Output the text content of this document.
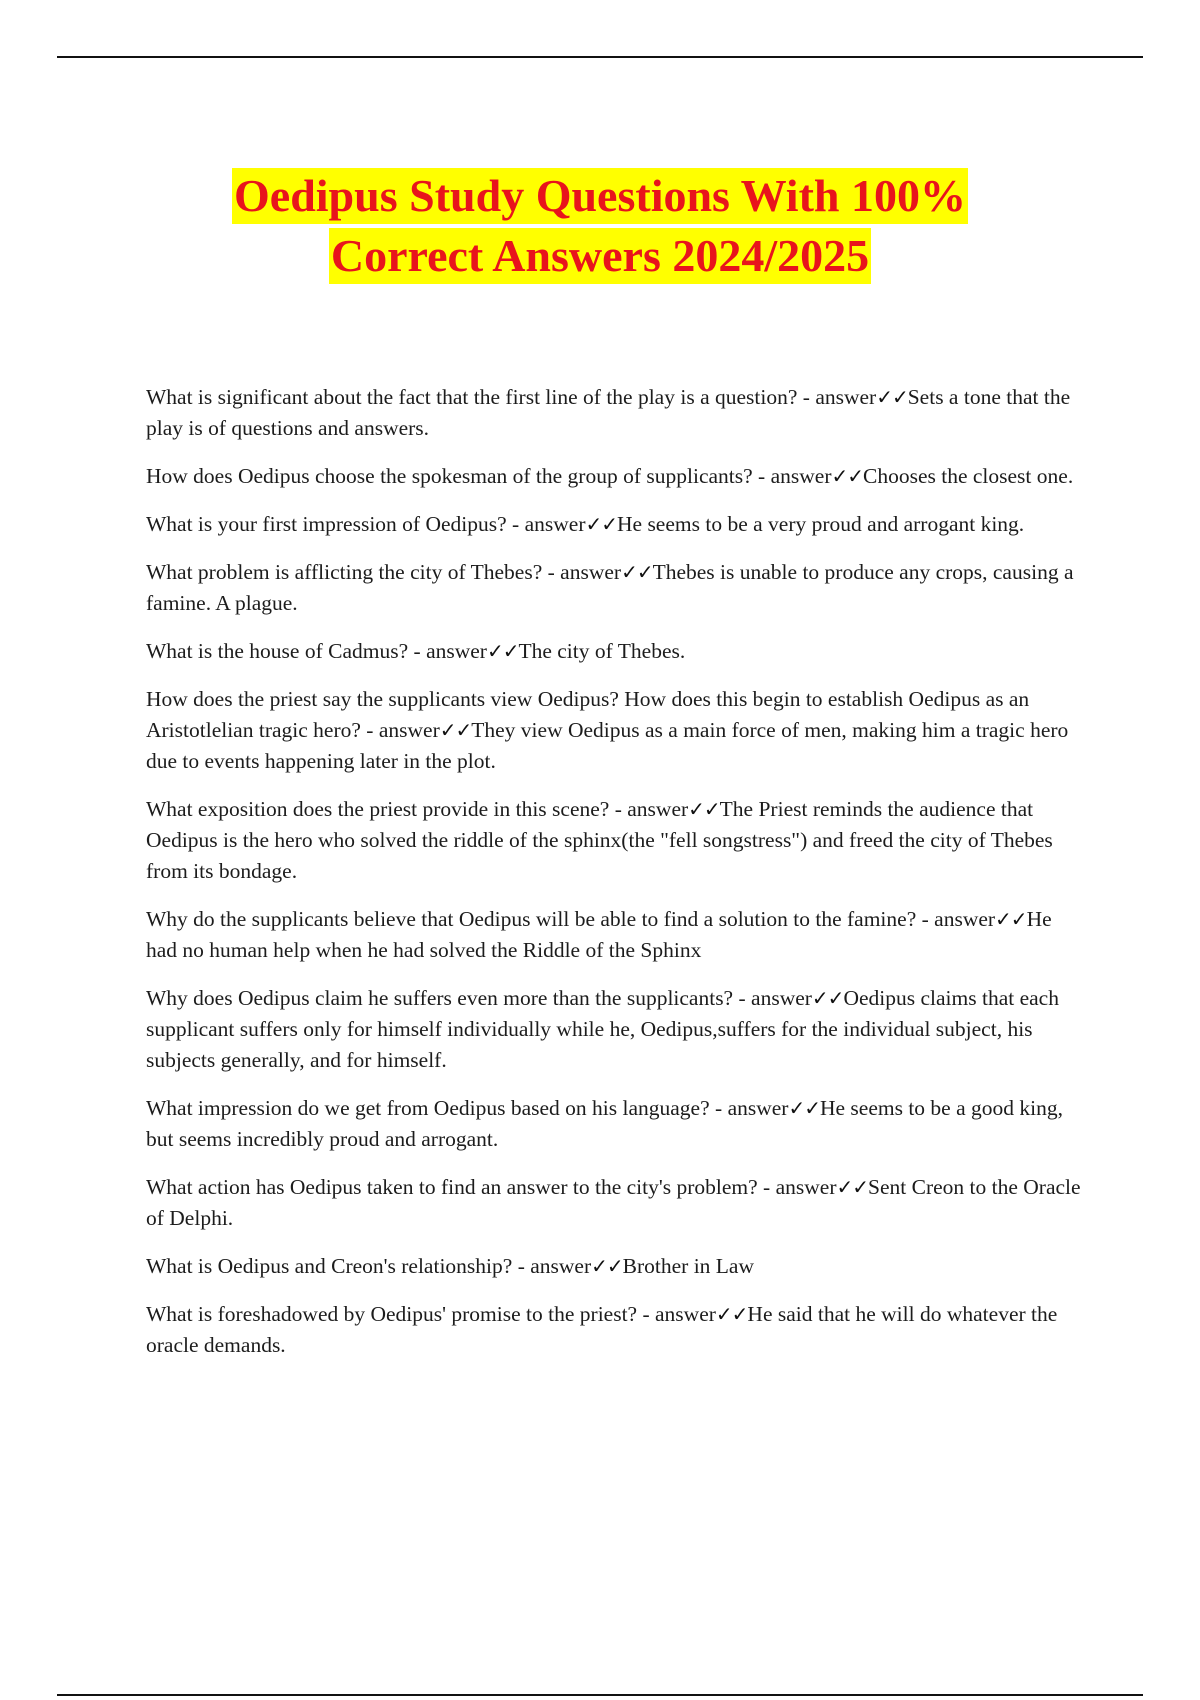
Oedipus Study Questions With 100%
Correct Answers 2024/2025
What is significant about the fact that the first line of the play is a question? - answer✓✓Sets a tone that the play is of questions and answers.
How does Oedipus choose the spokesman of the group of supplicants? - answer✓✓Chooses the closest one.
What is your first impression of Oedipus? - answer✓✓He seems to be a very proud and arrogant king.
What problem is afflicting the city of Thebes? - answer✓✓Thebes is unable to produce any crops, causing a famine. A plague.
What is the house of Cadmus? - answer✓✓The city of Thebes.
How does the priest say the supplicants view Oedipus? How does this begin to establish Oedipus as an Aristotlelian tragic hero? - answer✓✓They view Oedipus as a main force of men, making him a tragic hero due to events happening later in the plot.
What exposition does the priest provide in this scene? - answer✓✓The Priest reminds the audience that Oedipus is the hero who solved the riddle of the sphinx(the "fell songstress") and freed the city of Thebes from its bondage.
Why do the supplicants believe that Oedipus will be able to find a solution to the famine? - answer✓✓He had no human help when he had solved the Riddle of the Sphinx
Why does Oedipus claim he suffers even more than the supplicants? - answer✓✓Oedipus claims that each supplicant suffers only for himself individually while he, Oedipus,suffers for the individual subject, his subjects generally, and for himself.
What impression do we get from Oedipus based on his language? - answer✓✓He seems to be a good king, but seems incredibly proud and arrogant.
What action has Oedipus taken to find an answer to the city's problem? - answer✓✓Sent Creon to the Oracle of Delphi.
What is Oedipus and Creon's relationship? - answer✓✓Brother in Law
What is foreshadowed by Oedipus' promise to the priest? - answer✓✓He said that he will do whatever the oracle demands.
